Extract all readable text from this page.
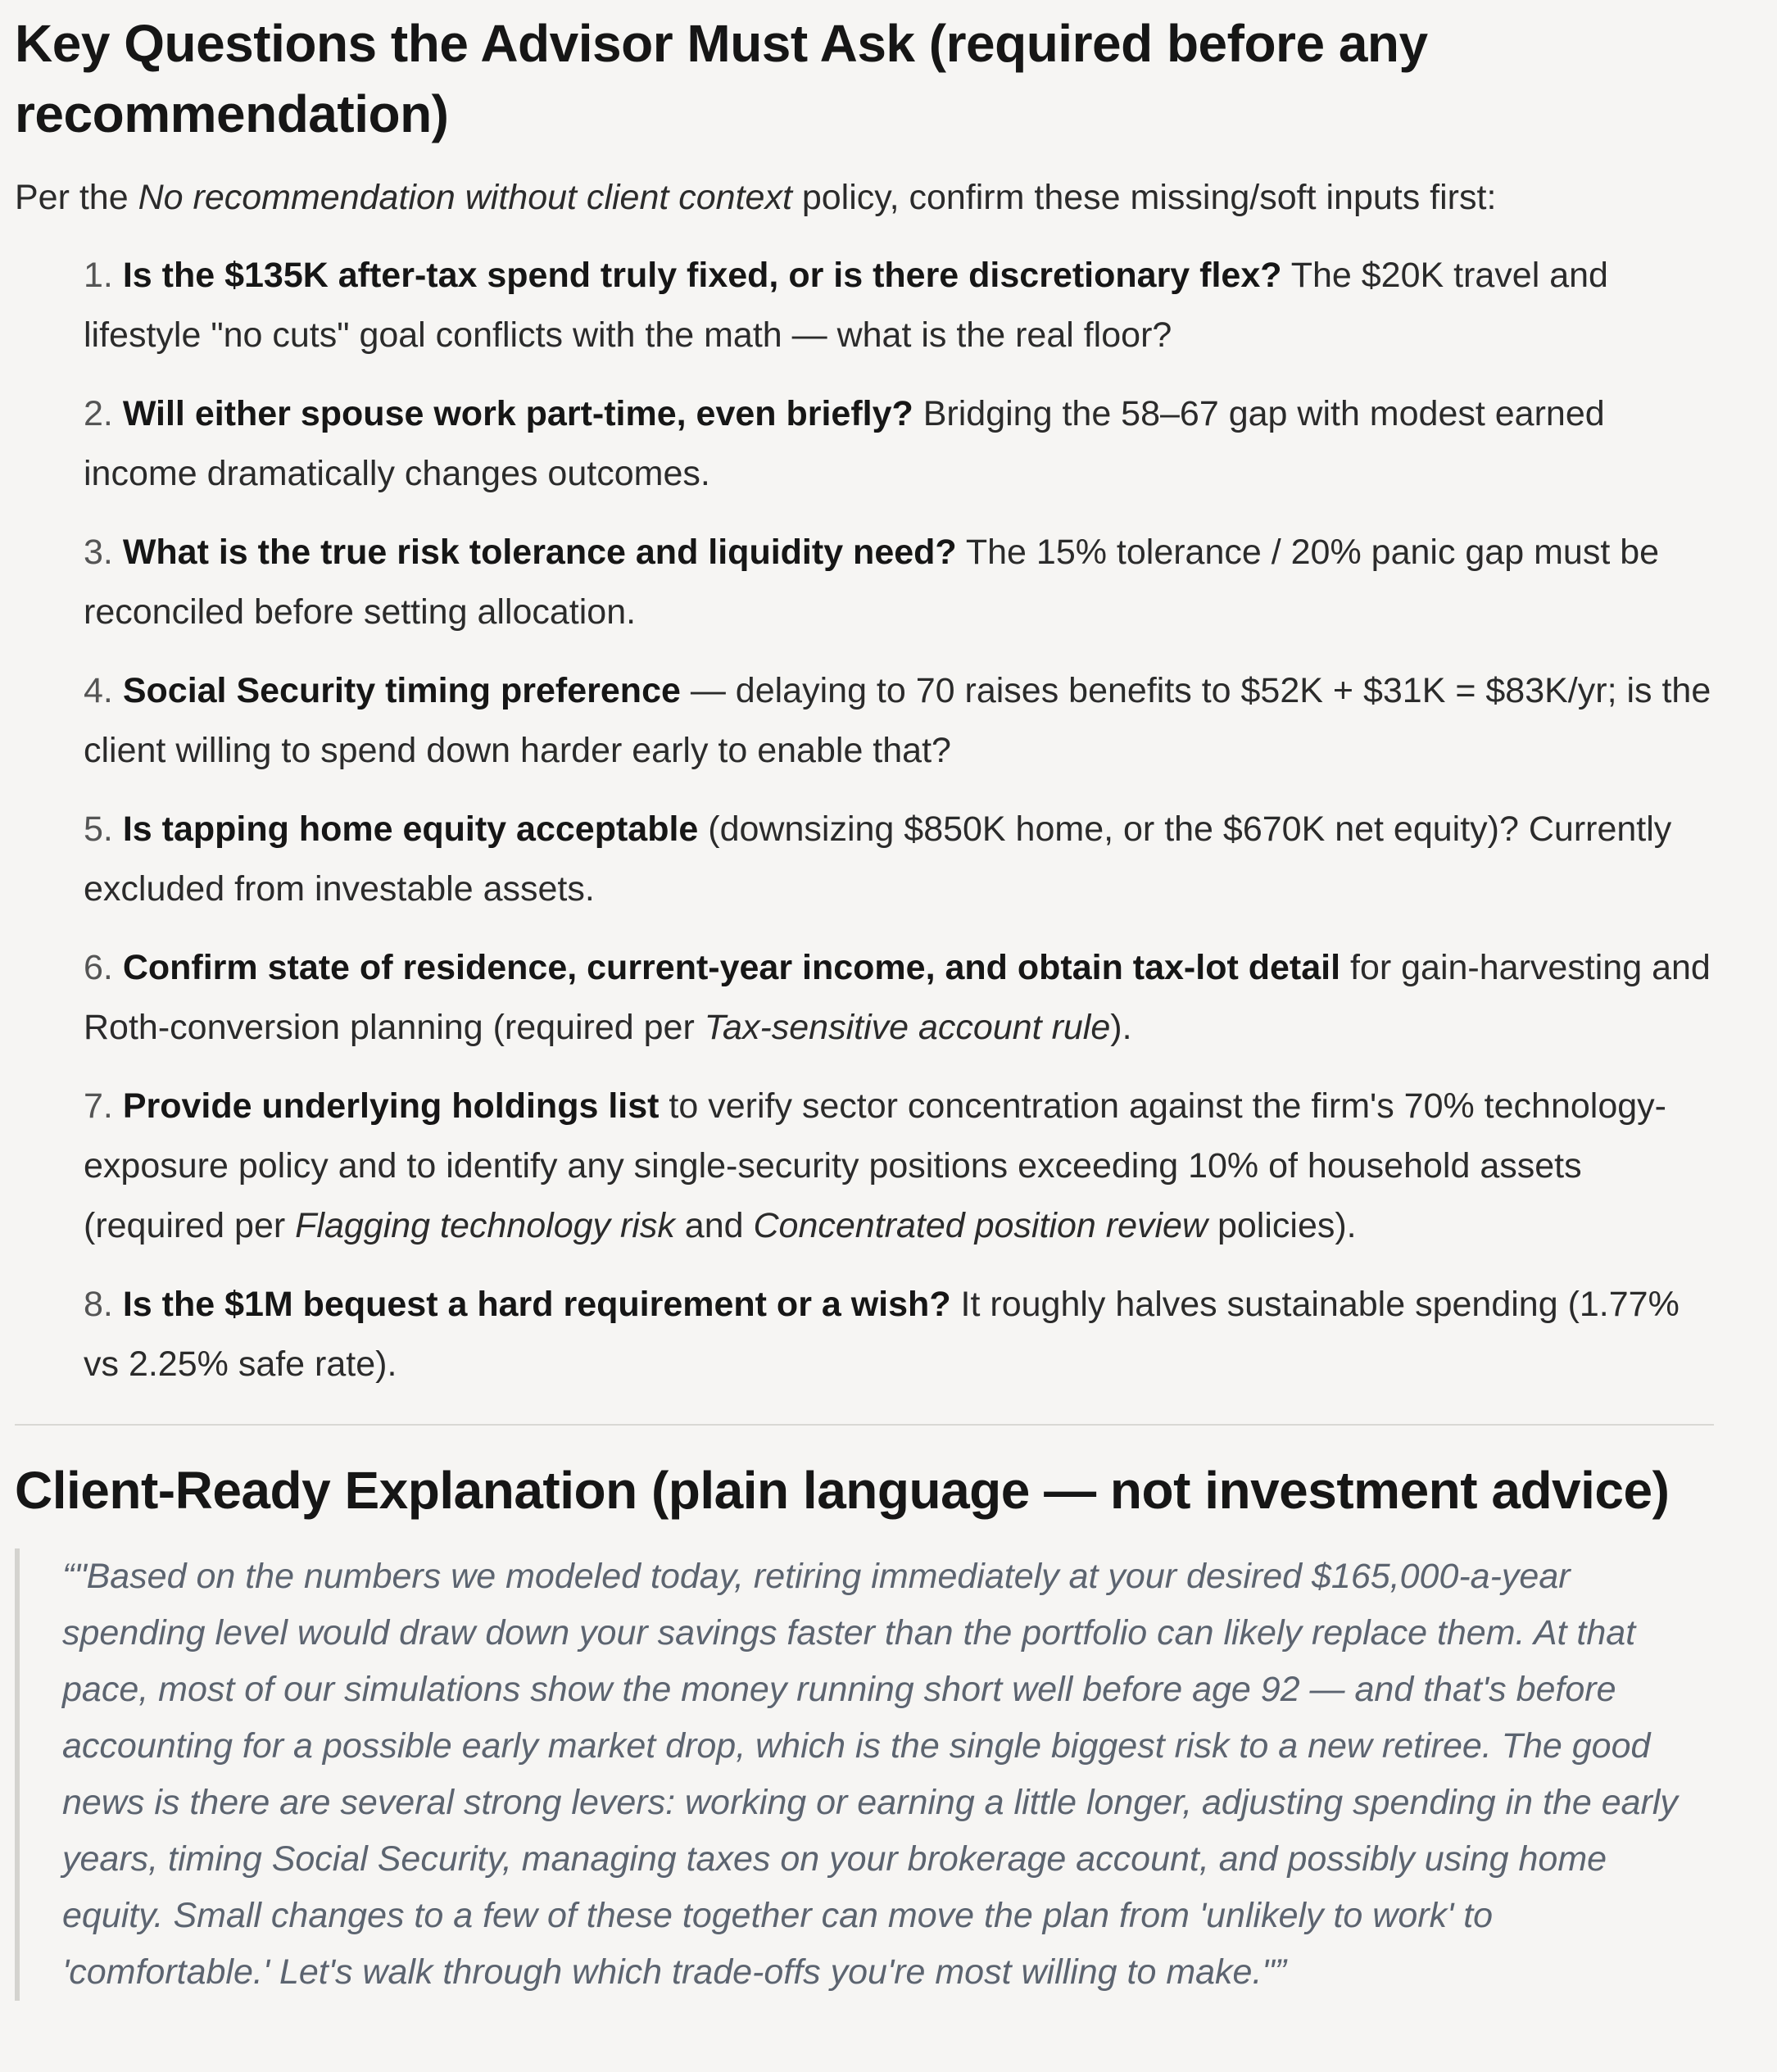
Key Questions the Advisor Must Ask (required before any recommendation)

Per the No recommendation without client context policy, confirm these missing/soft inputs first:

1. Is the $135K after-tax spend truly fixed, or is there discretionary flex? The $20K travel and lifestyle "no cuts" goal conflicts with the math — what is the real floor?
2. Will either spouse work part-time, even briefly? Bridging the 58–67 gap with modest earned income dramatically changes outcomes.
3. What is the true risk tolerance and liquidity need? The 15% tolerance / 20% panic gap must be reconciled before setting allocation.
4. Social Security timing preference — delaying to 70 raises benefits to $52K + $31K = $83K/yr; is the client willing to spend down harder early to enable that?
5. Is tapping home equity acceptable (downsizing $850K home, or the $670K net equity)? Currently excluded from investable assets.
6. Confirm state of residence, current-year income, and obtain tax-lot detail for gain-harvesting and Roth-conversion planning (required per Tax-sensitive account rule).
7. Provide underlying holdings list to verify sector concentration against the firm's 70% technology-exposure policy and to identify any single-security positions exceeding 10% of household assets (required per Flagging technology risk and Concentrated position review policies).
8. Is the $1M bequest a hard requirement or a wish? It roughly halves sustainable spending (1.77% vs 2.25% safe rate).
Client-Ready Explanation (plain language — not investment advice)
“"Based on the numbers we modeled today, retiring immediately at your desired $165,000-a-year spending level would draw down your savings faster than the portfolio can likely replace them. At that pace, most of our simulations show the money running short well before age 92 — and that's before accounting for a possible early market drop, which is the single biggest risk to a new retiree. The good news is there are several strong levers: working or earning a little longer, adjusting spending in the early years, timing Social Security, managing taxes on your brokerage account, and possibly using home equity. Small changes to a few of these together can move the plan from 'unlikely to work' to 'comfortable.' Let's walk through which trade-offs you're most willing to make."”
